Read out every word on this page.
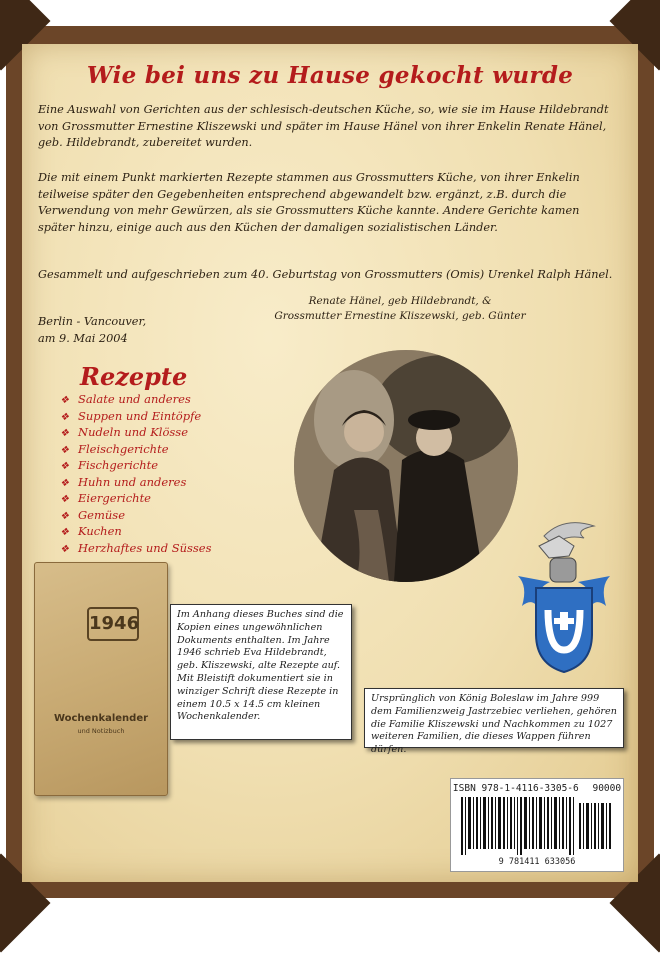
Wie bei uns zu Hause gekocht wurde
Eine Auswahl von Gerichten aus der schlesisch-deutschen Küche, so, wie sie im Hause Hildebrandt von Grossmutter Ernestine Kliszewski und später im Hause Hänel von ihrer Enkelin Renate Hänel, geb. Hildebrandt, zubereitet wurden.
Die mit einem Punkt markierten Rezepte stammen aus Grossmutters Küche, von ihrer Enkelin teilweise später den Gegebenheiten entsprechend abgewandelt bzw. ergänzt, z.B. durch die Verwendung von mehr Gewürzen, als sie Grossmutters Küche kannte. Andere Gerichte kamen später hinzu, einige auch aus den Küchen der damaligen sozialistischen Länder.
Gesammelt und aufgeschrieben zum 40. Geburtstag von Grossmutters (Omis) Urenkel Ralph Hänel.
Berlin - Vancouver,
am 9. Mai 2004
Renate Hänel, geb Hildebrandt, &
Grossmutter Ernestine Kliszewski, geb. Günter
Rezepte
❖ Salate und anderes
❖ Suppen und Eintöpfe
❖ Nudeln und Klösse
❖ Fleischgerichte
❖ Fischgerichte
❖ Huhn und anderes
❖ Eiergerichte
❖ Gemüse
❖ Kuchen
❖ Herzhaftes und Süsses
1946
Wochenkalender
und Notizbuch
Im Anhang dieses Buches sind die Kopien eines ungewöhnlichen Dokuments enthalten. Im Jahre 1946 schrieb Eva Hildebrandt, geb. Kliszewski, alte Rezepte auf. Mit Bleistift dokumentiert sie in winziger Schrift diese Rezepte in einem 10.5 x 14.5 cm kleinen Wochenkalender.
Ursprünglich von König Boleslaw im Jahre 999 dem Familienzweig Jastrzebiec verliehen, gehören die Familie Kliszewski und Nachkommen zu 1027 weiteren Familien, die dieses Wappen führen dürfen.
ISBN 978-1-4116-3305-6 90000
9 781411 633056
